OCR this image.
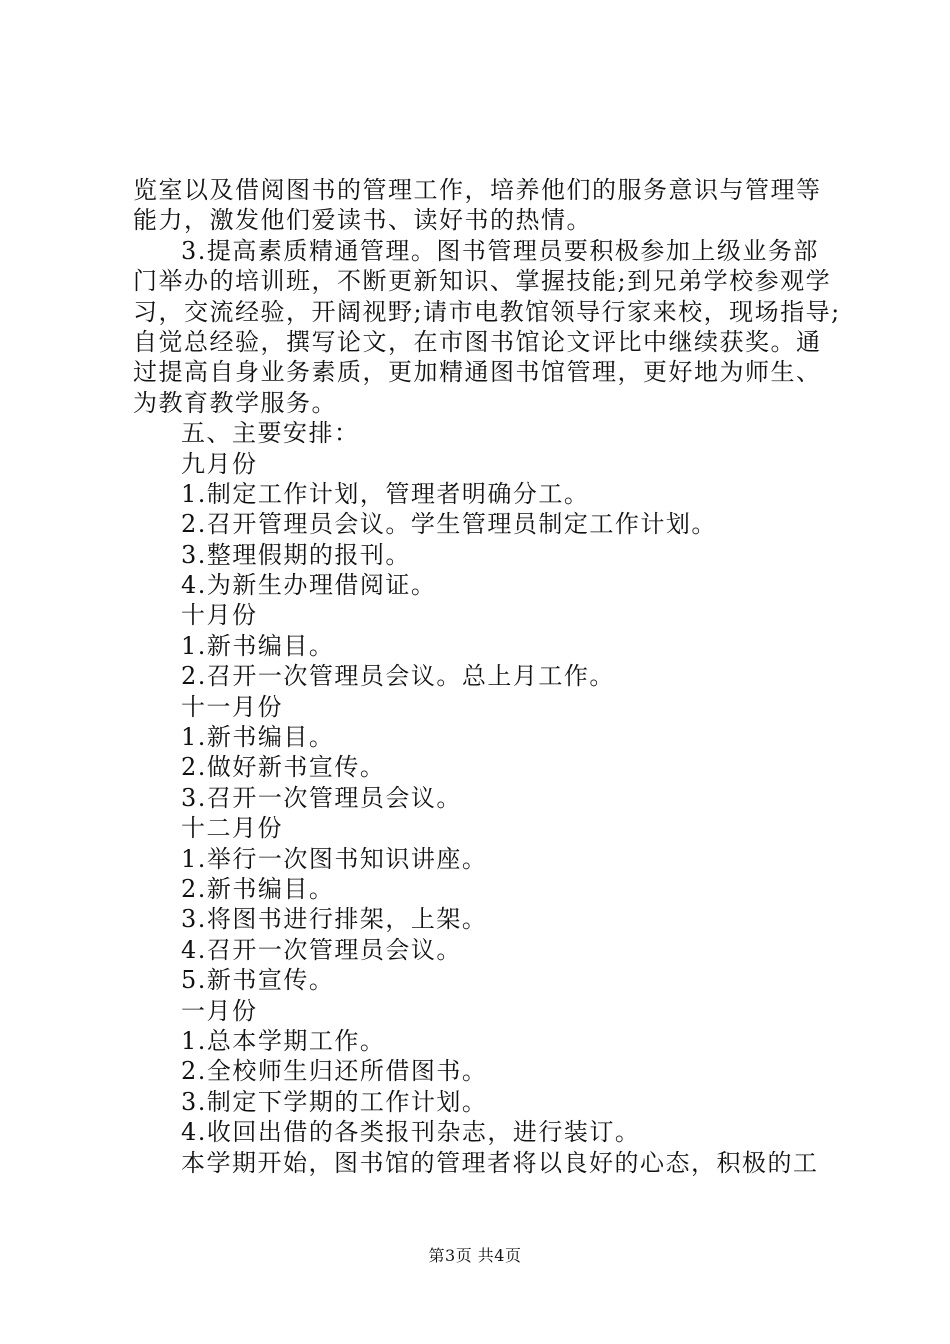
览室以及借阅图书的管理工作，培养他们的服务意识与管理等
能力，激发他们爱读书、读好书的热情。
3.提高素质精通管理。图书管理员要积极参加上级业务部
门举办的培训班，不断更新知识、掌握技能;到兄弟学校参观学
习，交流经验，开阔视野;请市电教馆领导行家来校，现场指导;
自觉总经验，撰写论文，在市图书馆论文评比中继续获奖。通
过提高自身业务素质，更加精通图书馆管理，更好地为师生、
为教育教学服务。
五、主要安排：
九月份
1.制定工作计划，管理者明确分工。
2.召开管理员会议。学生管理员制定工作计划。
3.整理假期的报刊。
4.为新生办理借阅证。
十月份
1.新书编目。
2.召开一次管理员会议。总上月工作。
十一月份
1.新书编目。
2.做好新书宣传。
3.召开一次管理员会议。
十二月份
1.举行一次图书知识讲座。
2.新书编目。
3.将图书进行排架，上架。
4.召开一次管理员会议。
5.新书宣传。
一月份
1.总本学期工作。
2.全校师生归还所借图书。
3.制定下学期的工作计划。
4.收回出借的各类报刊杂志，进行装订。
本学期开始，图书馆的管理者将以良好的心态，积极的工
第3页 共4页
